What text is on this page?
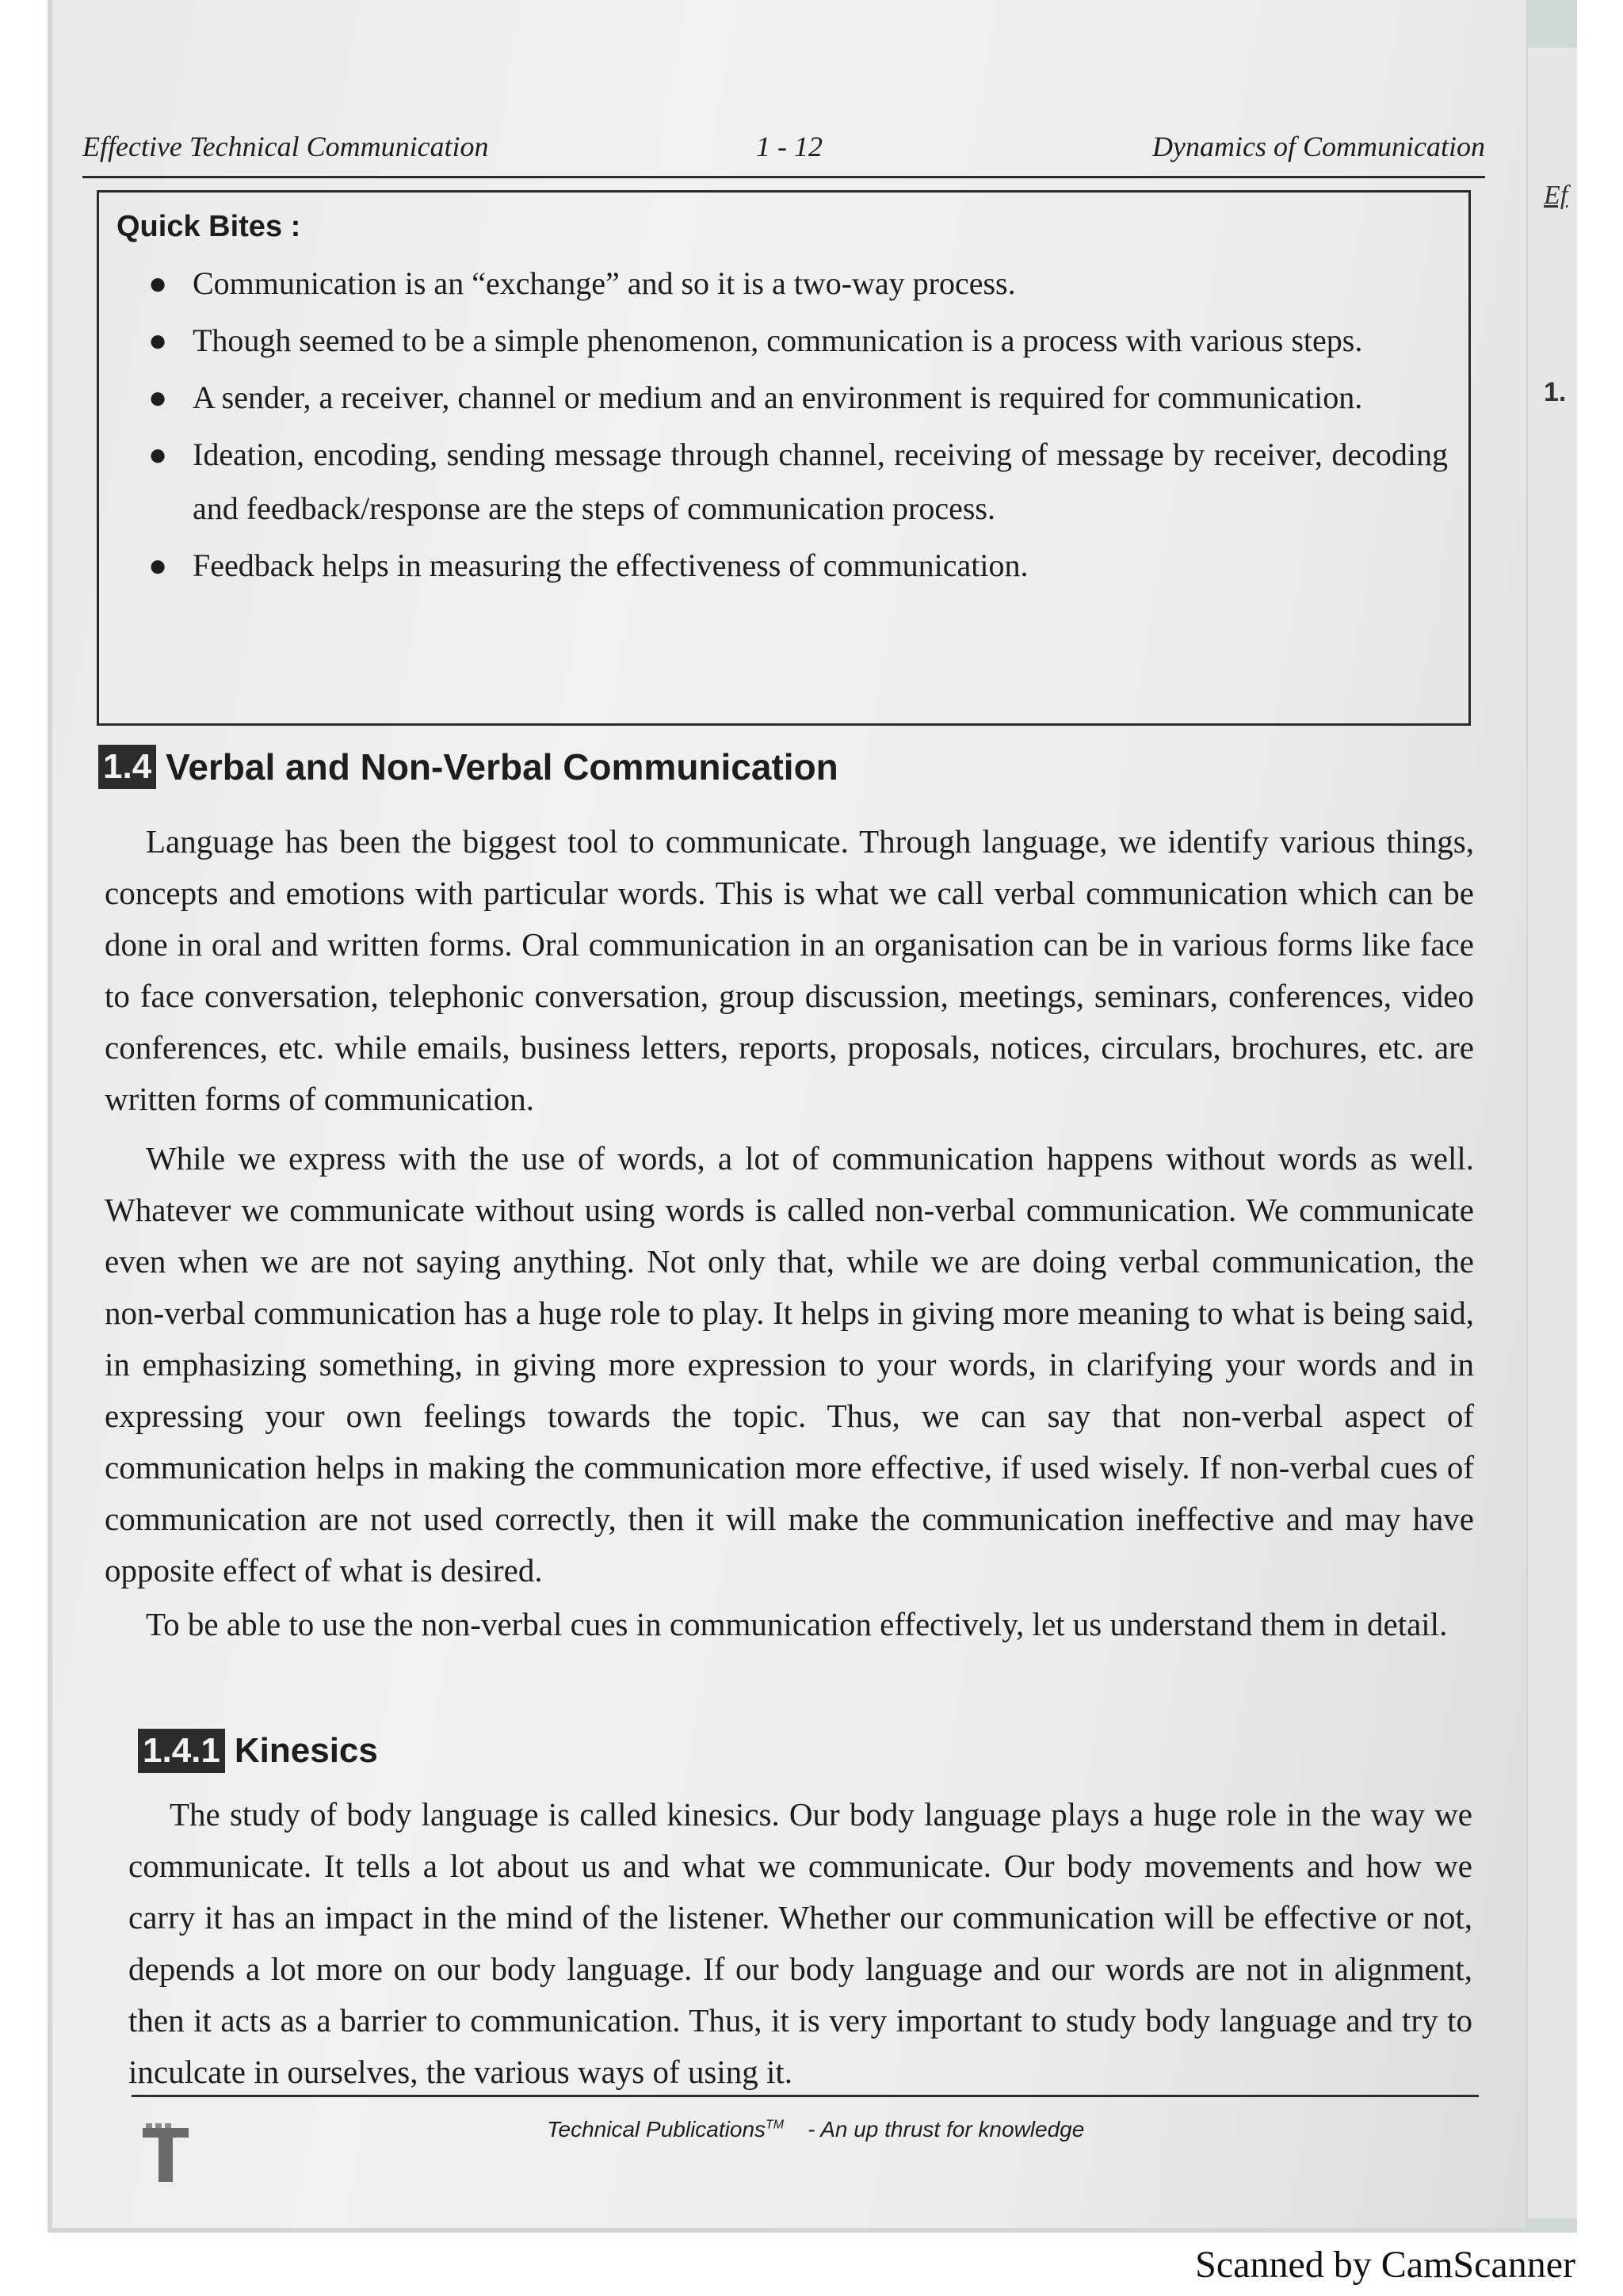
Effective Technical Communication	1 - 12	Dynamics of Communication
Quick Bites :
● Communication is an “exchange” and so it is a two-way process.
● Though seemed to be a simple phenomenon, communication is a process with various steps.
● A sender, a receiver, channel or medium and an environment is required for communication.
● Ideation, encoding, sending message through channel, receiving of message by receiver, decoding and feedback/response are the steps of communication process.
● Feedback helps in measuring the effectiveness of communication.
1.4 Verbal and Non-Verbal Communication

Language has been the biggest tool to communicate. Through language, we identify various things, concepts and emotions with particular words. This is what we call verbal communication which can be done in oral and written forms. Oral communication in an organisation can be in various forms like face to face conversation, telephonic conversation, group discussion, meetings, seminars, conferences, video conferences, etc. while emails, business letters, reports, proposals, notices, circulars, brochures, etc. are written forms of communication.

While we express with the use of words, a lot of communication happens without words as well. Whatever we communicate without using words is called non-verbal communication. We communicate even when we are not saying anything. Not only that, while we are doing verbal communication, the non-verbal communication has a huge role to play. It helps in giving more meaning to what is being said, in emphasizing something, in giving more expression to your words, in clarifying your words and in expressing your own feelings towards the topic. Thus, we can say that non-verbal aspect of communication helps in making the communication more effective, if used wisely. If non-verbal cues of communication are not used correctly, then it will make the communication ineffective and may have opposite effect of what is desired.

To be able to use the non-verbal cues in communication effectively, let us understand them in detail.

1.4.1 Kinesics

The study of body language is called kinesics. Our body language plays a huge role in the way we communicate. It tells a lot about us and what we communicate. Our body movements and how we carry it has an impact in the mind of the listener. Whether our communication will be effective or not, depends a lot more on our body language. If our body language and our words are not in alignment, then it acts as a barrier to communication. Thus, it is very important to study body language and try to inculcate in ourselves, the various ways of using it.

Technical Publications™ - An up thrust for knowledge
Ef
1.
Scanned by CamScanner
